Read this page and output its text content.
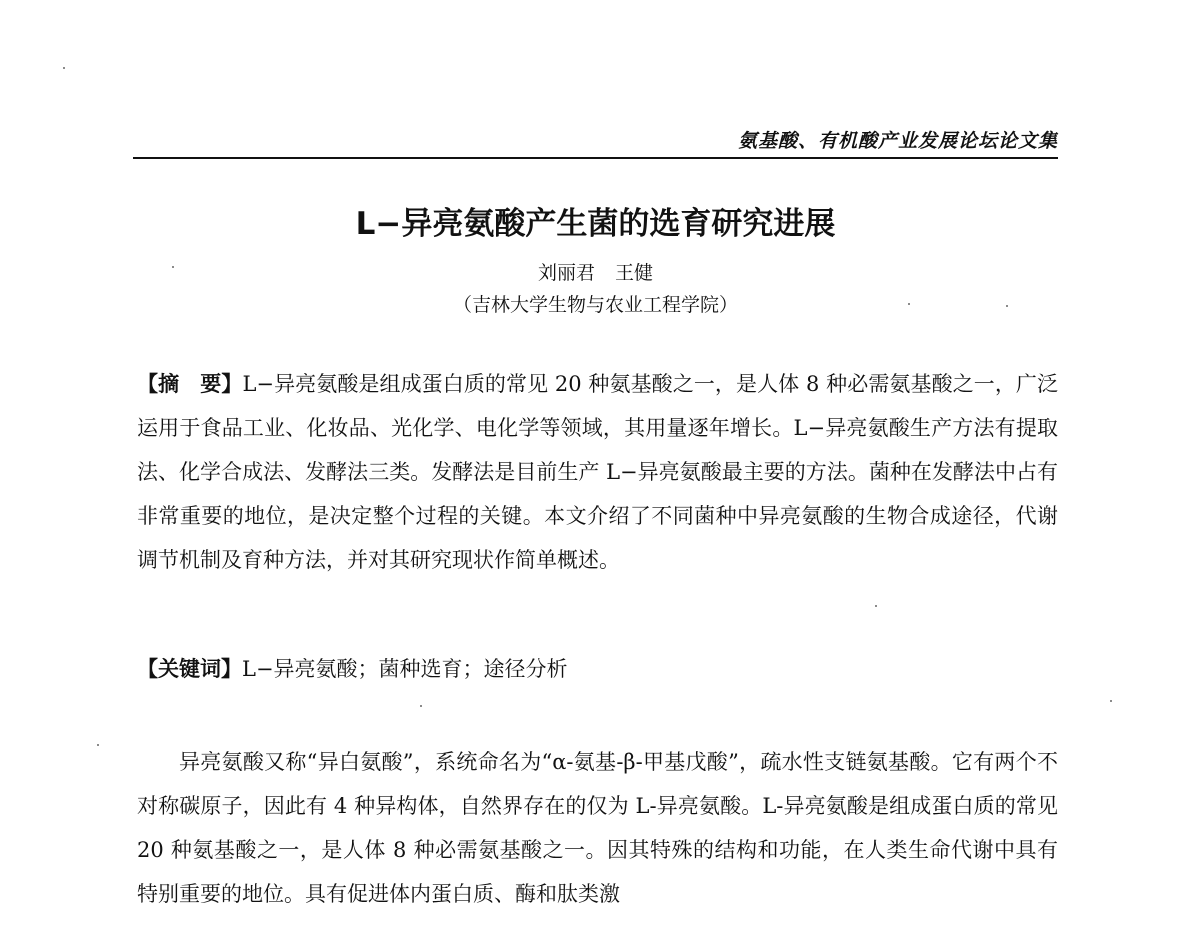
氨基酸、有机酸产业发展论坛论文集
L−异亮氨酸产生菌的选育研究进展
刘丽君 王健
（吉林大学生物与农业工程学院）
【摘　要】L−异亮氨酸是组成蛋白质的常见 20 种氨基酸之一，是人体 8 种必需氨基酸之一，广泛运用于食品工业、化妆品、光化学、电化学等领域，其用量逐年增长。L−异亮氨酸生产方法有提取法、化学合成法、发酵法三类。发酵法是目前生产 L−异亮氨酸最主要的方法。菌种在发酵法中占有非常重要的地位，是决定整个过程的关键。本文介绍了不同菌种中异亮氨酸的生物合成途径，代谢调节机制及育种方法，并对其研究现状作简单概述。
【关键词】L−异亮氨酸；菌种选育；途径分析
异亮氨酸又称“异白氨酸”，系统命名为“α-氨基-β-甲基戊酸”，疏水性支链氨基酸。它有两个不对称碳原子，因此有 4 种异构体，自然界存在的仅为 L-异亮氨酸。L-异亮氨酸是组成蛋白质的常见 20 种氨基酸之一，是人体 8 种必需氨基酸之一。因其特殊的结构和功能，在人类生命代谢中具有特别重要的地位。具有促进体内蛋白质、酶和肽类激
